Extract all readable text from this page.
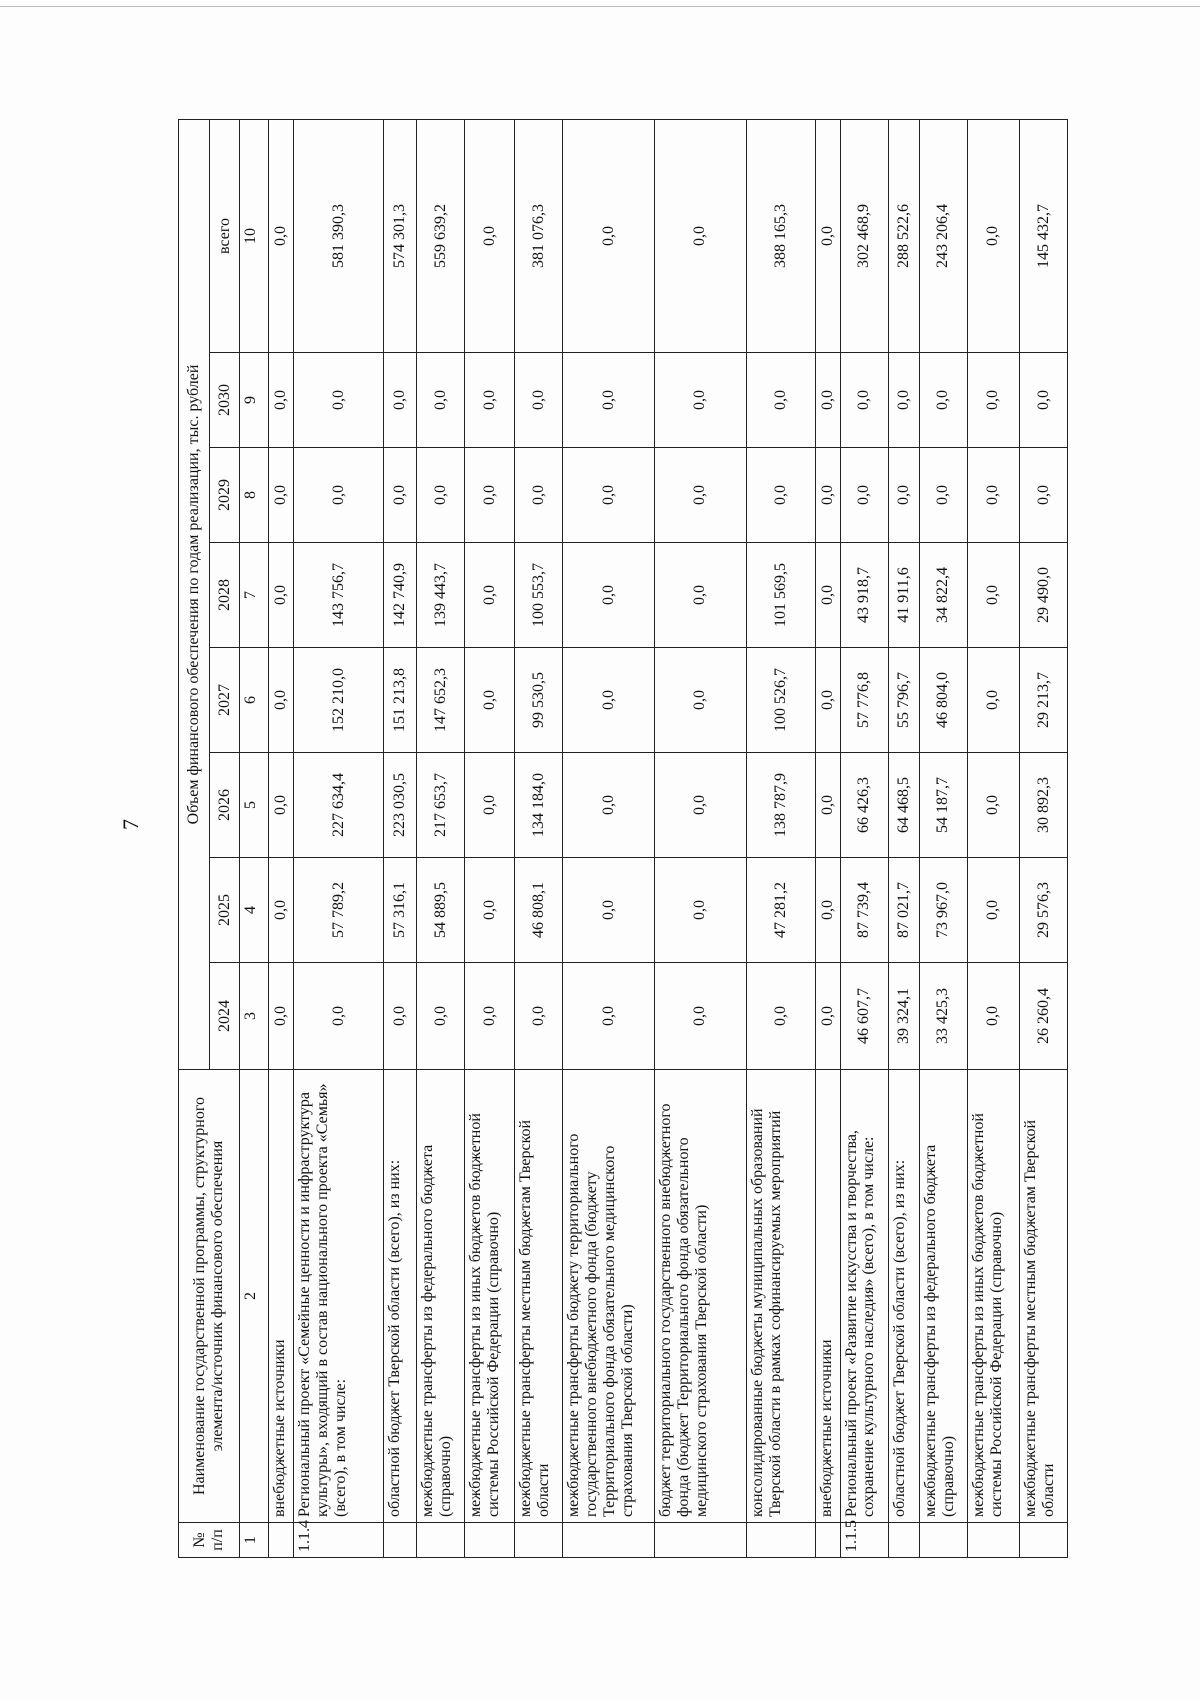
7
№ п/п	Наименование государственной программы, структурного элемента/источник финансового обеспечения	Объем финансового обеспечения по годам реализации, тыс. рублей							
		2024	2025	2026	2027	2028	2029	2030	всего
1	2	3	4	5	6	7	8	9	10
	внебюджетные источники	0,0	0,0	0,0	0,0	0,0	0,0	0,0	0,0
1.1.4	Региональный проект «Семейные ценности и инфраструктура культуры», входящий в состав национального проекта «Семья» (всего), в том числе:	0,0	57 789,2	227 634,4	152 210,0	143 756,7	0,0	0,0	581 390,3
	областной бюджет Тверской области (всего), из них:	0,0	57 316,1	223 030,5	151 213,8	142 740,9	0,0	0,0	574 301,3
	межбюджетные трансферты из федерального бюджета (справочно)	0,0	54 889,5	217 653,7	147 652,3	139 443,7	0,0	0,0	559 639,2
	межбюджетные трансферты из иных бюджетов бюджетной системы Российской Федерации (справочно)	0,0	0,0	0,0	0,0	0,0	0,0	0,0	0,0
	межбюджетные трансферты местным бюджетам Тверской области	0,0	46 808,1	134 184,0	99 530,5	100 553,7	0,0	0,0	381 076,3
	межбюджетные трансферты бюджету территориального государственного внебюджетного фонда (бюджету Территориального фонда обязательного медицинского страхования Тверской области)	0,0	0,0	0,0	0,0	0,0	0,0	0,0	0,0
	бюджет территориального государственного внебюджетного фонда (бюджет Территориального фонда обязательного медицинского страхования Тверской области)	0,0	0,0	0,0	0,0	0,0	0,0	0,0	0,0
	консолидированные бюджеты муниципальных образований Тверской области в рамках софинансируемых мероприятий	0,0	47 281,2	138 787,9	100 526,7	101 569,5	0,0	0,0	388 165,3
	внебюджетные источники	0,0	0,0	0,0	0,0	0,0	0,0	0,0	0,0
1.1.5	Региональный проект «Развитие искусства и творчества, сохранение культурного наследия» (всего), в том числе:	46 607,7	87 739,4	66 426,3	57 776,8	43 918,7	0,0	0,0	302 468,9
	областной бюджет Тверской области (всего), из них:	39 324,1	87 021,7	64 468,5	55 796,7	41 911,6	0,0	0,0	288 522,6
	межбюджетные трансферты из федерального бюджета (справочно)	33 425,3	73 967,0	54 187,7	46 804,0	34 822,4	0,0	0,0	243 206,4
	межбюджетные трансферты из иных бюджетов бюджетной системы Российской Федерации (справочно)	0,0	0,0	0,0	0,0	0,0	0,0	0,0	0,0
	межбюджетные трансферты местным бюджетам Тверской области	26 260,4	29 576,3	30 892,3	29 213,7	29 490,0	0,0	0,0	145 432,7
